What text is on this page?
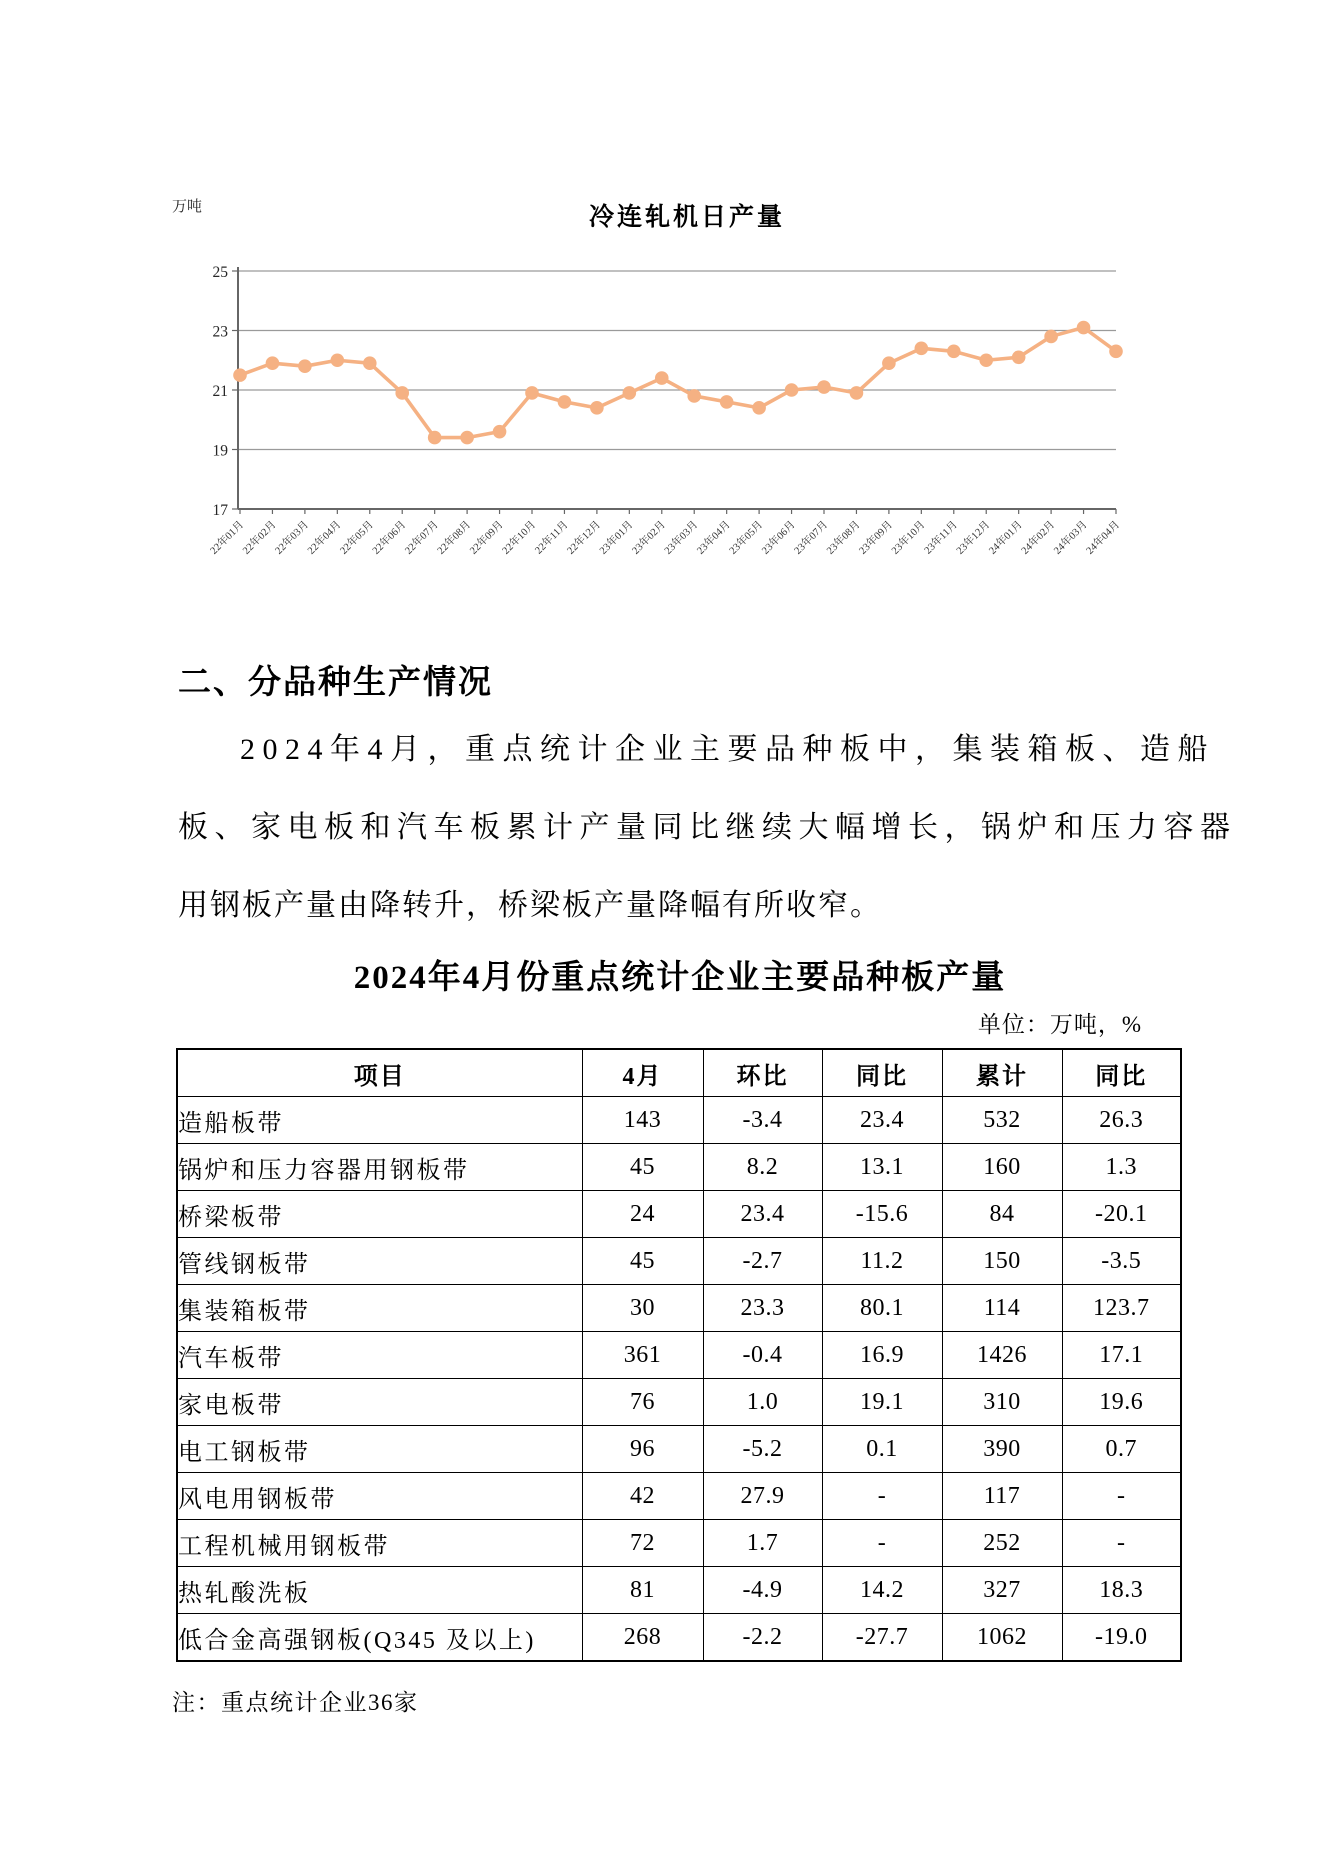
17
19
21
23
25
22年01月
22年02月
22年03月
22年04月
22年05月
22年06月
22年07月
22年08月
22年09月
22年10月
22年11月
22年12月
23年01月
23年02月
23年03月
23年04月
23年05月
23年06月
23年07月
23年08月
23年09月
23年10月
23年11月
23年12月
24年01月
24年02月
24年03月
24年04月
冷连轧机日产量
万吨
二、分品种生产情况
2024年4月，重点统计企业主要品种板中，集装箱板、造船
板、家电板和汽车板累计产量同比继续大幅增长，锅炉和压力容器
用钢板产量由降转升，桥梁板产量降幅有所收窄。
2024年4月份重点统计企业主要品种板产量
单位：万吨，%
项目	4月	环比	同比	累计	同比
造船板带	143	-3.4	23.4	532	26.3
锅炉和压力容器用钢板带	45	8.2	13.1	160	1.3
桥梁板带	24	23.4	-15.6	84	-20.1
管线钢板带	45	-2.7	11.2	150	-3.5
集装箱板带	30	23.3	80.1	114	123.7
汽车板带	361	-0.4	16.9	1426	17.1
家电板带	76	1.0	19.1	310	19.6
电工钢板带	96	-5.2	0.1	390	0.7
风电用钢板带	42	27.9	-	117	-
工程机械用钢板带	72	1.7	-	252	-
热轧酸洗板	81	-4.9	14.2	327	18.3
低合金高强钢板(Q345 及以上)	268	-2.2	-27.7	1062	-19.0
注：重点统计企业36家
